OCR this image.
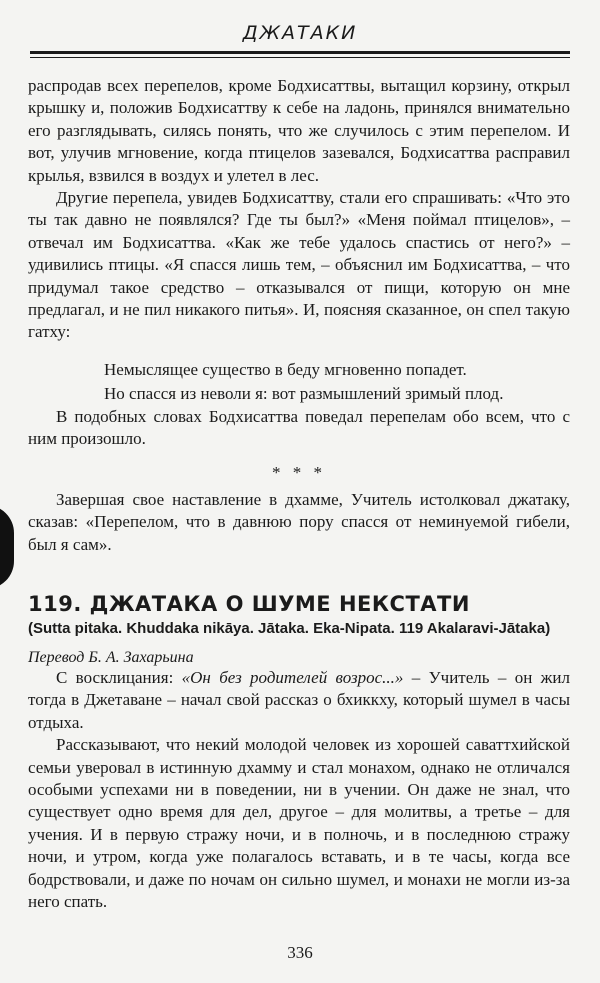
ДЖАТАКИ

распродав всех перепелов, кроме Бодхисаттвы, вытащил корзину, открыл крышку и, положив Бодхисаттву к себе на ладонь, принялся внимательно его разглядывать, силясь понять, что же случилось с этим перепелом. И вот, улучив мгновение, когда птицелов зазевался, Бодхисаттва расправил крылья, взвился в воздух и улетел в лес.

Другие перепела, увидев Бодхисаттву, стали его спрашивать: «Что это ты так давно не появлялся? Где ты был?» «Меня поймал птицелов», – отвечал им Бодхисаттва. «Как же тебе удалось спастись от него?» – удивились птицы. «Я спасся лишь тем, – объяснил им Бодхисаттва, – что придумал такое средство – отказывался от пищи, которую он мне предлагал, и не пил никакого питья». И, поясняя сказанное, он спел такую гатху:

Немыслящее существо в беду мгновенно попадет.
Но спасся из неволи я: вот размышлений зримый плод.

В подобных словах Бодхисаттва поведал перепелам обо всем, что с ним произошло.

* * *

Завершая свое наставление в дхамме, Учитель истолковал джатаку, сказав: «Перепелом, что в давнюю пору спасся от неминуемой гибели, был я сам».

119. ДЖАТАКА О ШУМЕ НЕКСТАТИ
(Sutta pitaka. Khuddaka nikāya. Jātaka. Eka-Nipata. 119 Akalaravi-Jātaka)
Перевод Б. А. Захарьина

С восклицания: «Он без родителей возрос...» – Учитель – он жил тогда в Джетаване – начал свой рассказ о бхиккху, который шумел в часы отдыха.

Рассказывают, что некий молодой человек из хорошей саваттхийской семьи уверовал в истинную дхамму и стал монахом, однако не отличался особыми успехами ни в поведении, ни в учении. Он даже не знал, что существует одно время для дел, другое – для молитвы, а третье – для учения. И в первую стражу ночи, и в полночь, и в последнюю стражу ночи, и утром, когда уже полагалось вставать, и в те часы, когда все бодрствовали, и даже по ночам он сильно шумел, и монахи не могли из-за него спать.

336
